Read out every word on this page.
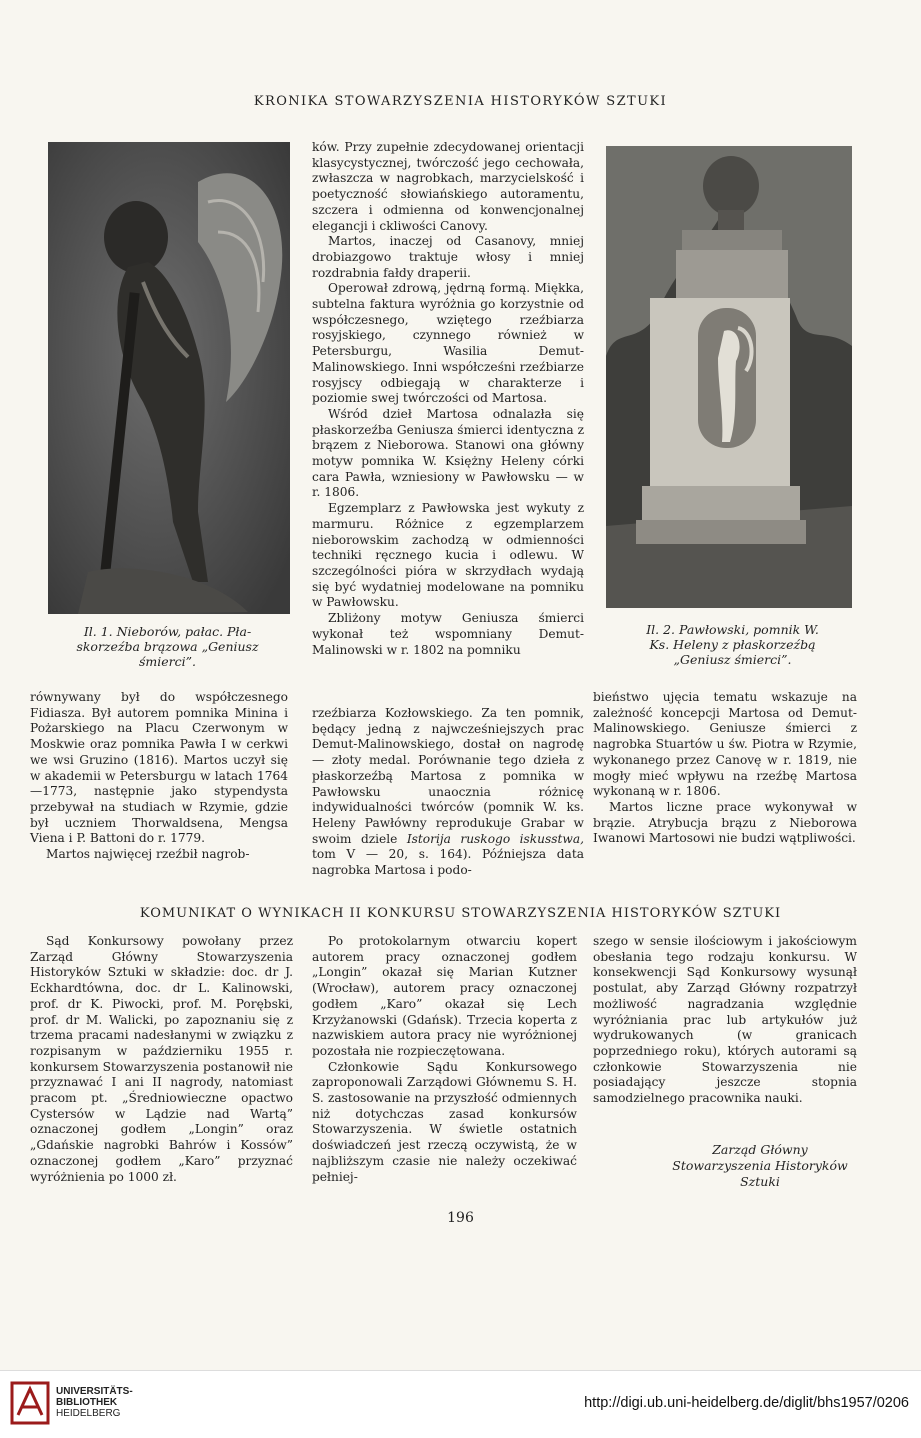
KRONIKA STOWARZYSZENIA HISTORYKÓW SZTUKI
Il. 1. Nieborów, pałac. Pła-
skorzeźba brązowa „Geniusz
śmierci”.
Il. 2. Pawłowski, pomnik W.
Ks. Heleny z płaskorzeźbą
„Geniusz śmierci”.

ków. Przy zupełnie zdecydowanej orientacji klasycystycznej, twórczość jego cechowała, zwłaszcza w nagrobkach, marzycielskość i poetyczność słowiańskiego autoramentu, szczera i odmienna od konwencjonalnej elegancji i ckliwości Canovy.

Martos, inaczej od Casanovy, mniej drobiazgowo traktuje włosy i mniej rozdrabnia fałdy draperii.

Operował zdrową, jędrną formą. Miękka, subtelna faktura wyróżnia go korzystnie od współczesnego, wziętego rzeźbiarza rosyjskiego, czynnego również w Petersburgu, Wasilia Demut-Malinowskiego. Inni współcześni rzeźbiarze rosyjscy odbiegają w charakterze i poziomie swej twórczości od Martosa.

Wśród dzieł Martosa odnalazła się płaskorzeźba Geniusza śmierci identyczna z brązem z Nieborowa. Stanowi ona główny motyw pomnika W. Księżny Heleny córki cara Pawła, wzniesiony w Pawłowsku — w r. 1806.

Egzemplarz z Pawłowska jest wykuty z marmuru. Różnice z egzemplarzem nieborowskim zachodzą w odmienności techniki ręcznego kucia i odlewu. W szczególności pióra w skrzydłach wydają się być wydatniej modelowane na pomniku w Pawłowsku.

Zbliżony motyw Geniusza śmierci wykonał też wspomniany Demut-Malinowski w r. 1802 na pomniku

równywany był do współczesnego Fidiasza. Był autorem pomnika Minina i Pożarskiego na Placu Czerwonym w Moskwie oraz pomnika Pawła I w cerkwi we wsi Gruzino (1816). Martos uczył się w akademii w Petersburgu w latach 1764—1773, następnie jako stypendysta przebywał na studiach w Rzymie, gdzie był uczniem Thorwaldsena, Mengsa Viena i P. Battoni do r. 1779.

Martos najwięcej rzeźbił nagrob-

rzeźbiarza Kozłowskiego. Za ten pomnik, będący jedną z najwcześniejszych prac Demut-Malinowskiego, dostał on nagrodę — złoty medal. Porównanie tego dzieła z płaskorzeźbą Martosa z pomnika w Pawłowsku unaocznia różnicę indywidualności twórców (pomnik W. ks. Heleny Pawłówny reprodukuje Grabar w swoim dziele Istorija ruskogo iskusstwa, tom V — 20, s. 164). Późniejsza data nagrobka Martosa i podo-

bieństwo ujęcia tematu wskazuje na zależność koncepcji Martosa od Demut-Malinowskiego. Geniusze śmierci z nagrobka Stuartów u św. Piotra w Rzymie, wykonanego przez Canovę w r. 1819, nie mogły mieć wpływu na rzeźbę Martosa wykonaną w r. 1806.

Martos liczne prace wykonywał w brązie. Atrybucja brązu z Nieborowa Iwanowi Martosowi nie budzi wątpliwości.

KOMUNIKAT O WYNIKACH II KONKURSU STOWARZYSZENIA HISTORYKÓW SZTUKI

Sąd Konkursowy powołany przez Zarząd Główny Stowarzyszenia Historyków Sztuki w składzie: doc. dr J. Eckhardtówna, doc. dr L. Kalinowski, prof. dr K. Piwocki, prof. M. Porębski, prof. dr M. Walicki, po zapoznaniu się z trzema pracami nadesłanymi w związku z rozpisanym w październiku 1955 r. konkursem Stowarzyszenia postanowił nie przyznawać I ani II nagrody, natomiast pracom pt. „Średniowieczne opactwo Cystersów w Lądzie nad Wartą” oznaczonej godłem „Longin” oraz „Gdańskie nagrobki Bahrów i Kossów” oznaczonej godłem „Karo” przyznać wyróżnienia po 1000 zł.

Po protokolarnym otwarciu kopert autorem pracy oznaczonej godłem „Longin” okazał się Marian Kutzner (Wrocław), autorem pracy oznaczonej godłem „Karo” okazał się Lech Krzyżanowski (Gdańsk). Trzecia koperta z nazwiskiem autora pracy nie wyróżnionej pozostała nie rozpieczętowana.

Członkowie Sądu Konkursowego zaproponowali Zarządowi Głównemu S. H. S. zastosowanie na przyszłość odmiennych niż dotychczas zasad konkursów Stowarzyszenia. W świetle ostatnich doświadczeń jest rzeczą oczywistą, że w najbliższym czasie nie należy oczekiwać pełniej-

szego w sensie ilościowym i jakościowym obesłania tego rodzaju konkursu. W konsekwencji Sąd Konkursowy wysunął postulat, aby Zarząd Główny rozpatrzył możliwość nagradzania względnie wyróżniania prac lub artykułów już wydrukowanych (w granicach poprzedniego roku), których autorami są członkowie Stowarzyszenia nie posiadający jeszcze stopnia samodzielnego pracownika nauki.

Zarząd Główny
Stowarzyszenia Historyków
Sztuki
196
UNIVERSITÄTS-
BIBLIOTHEK
HEIDELBERG
http://digi.ub.uni-heidelberg.de/diglit/bhs1957/0206
